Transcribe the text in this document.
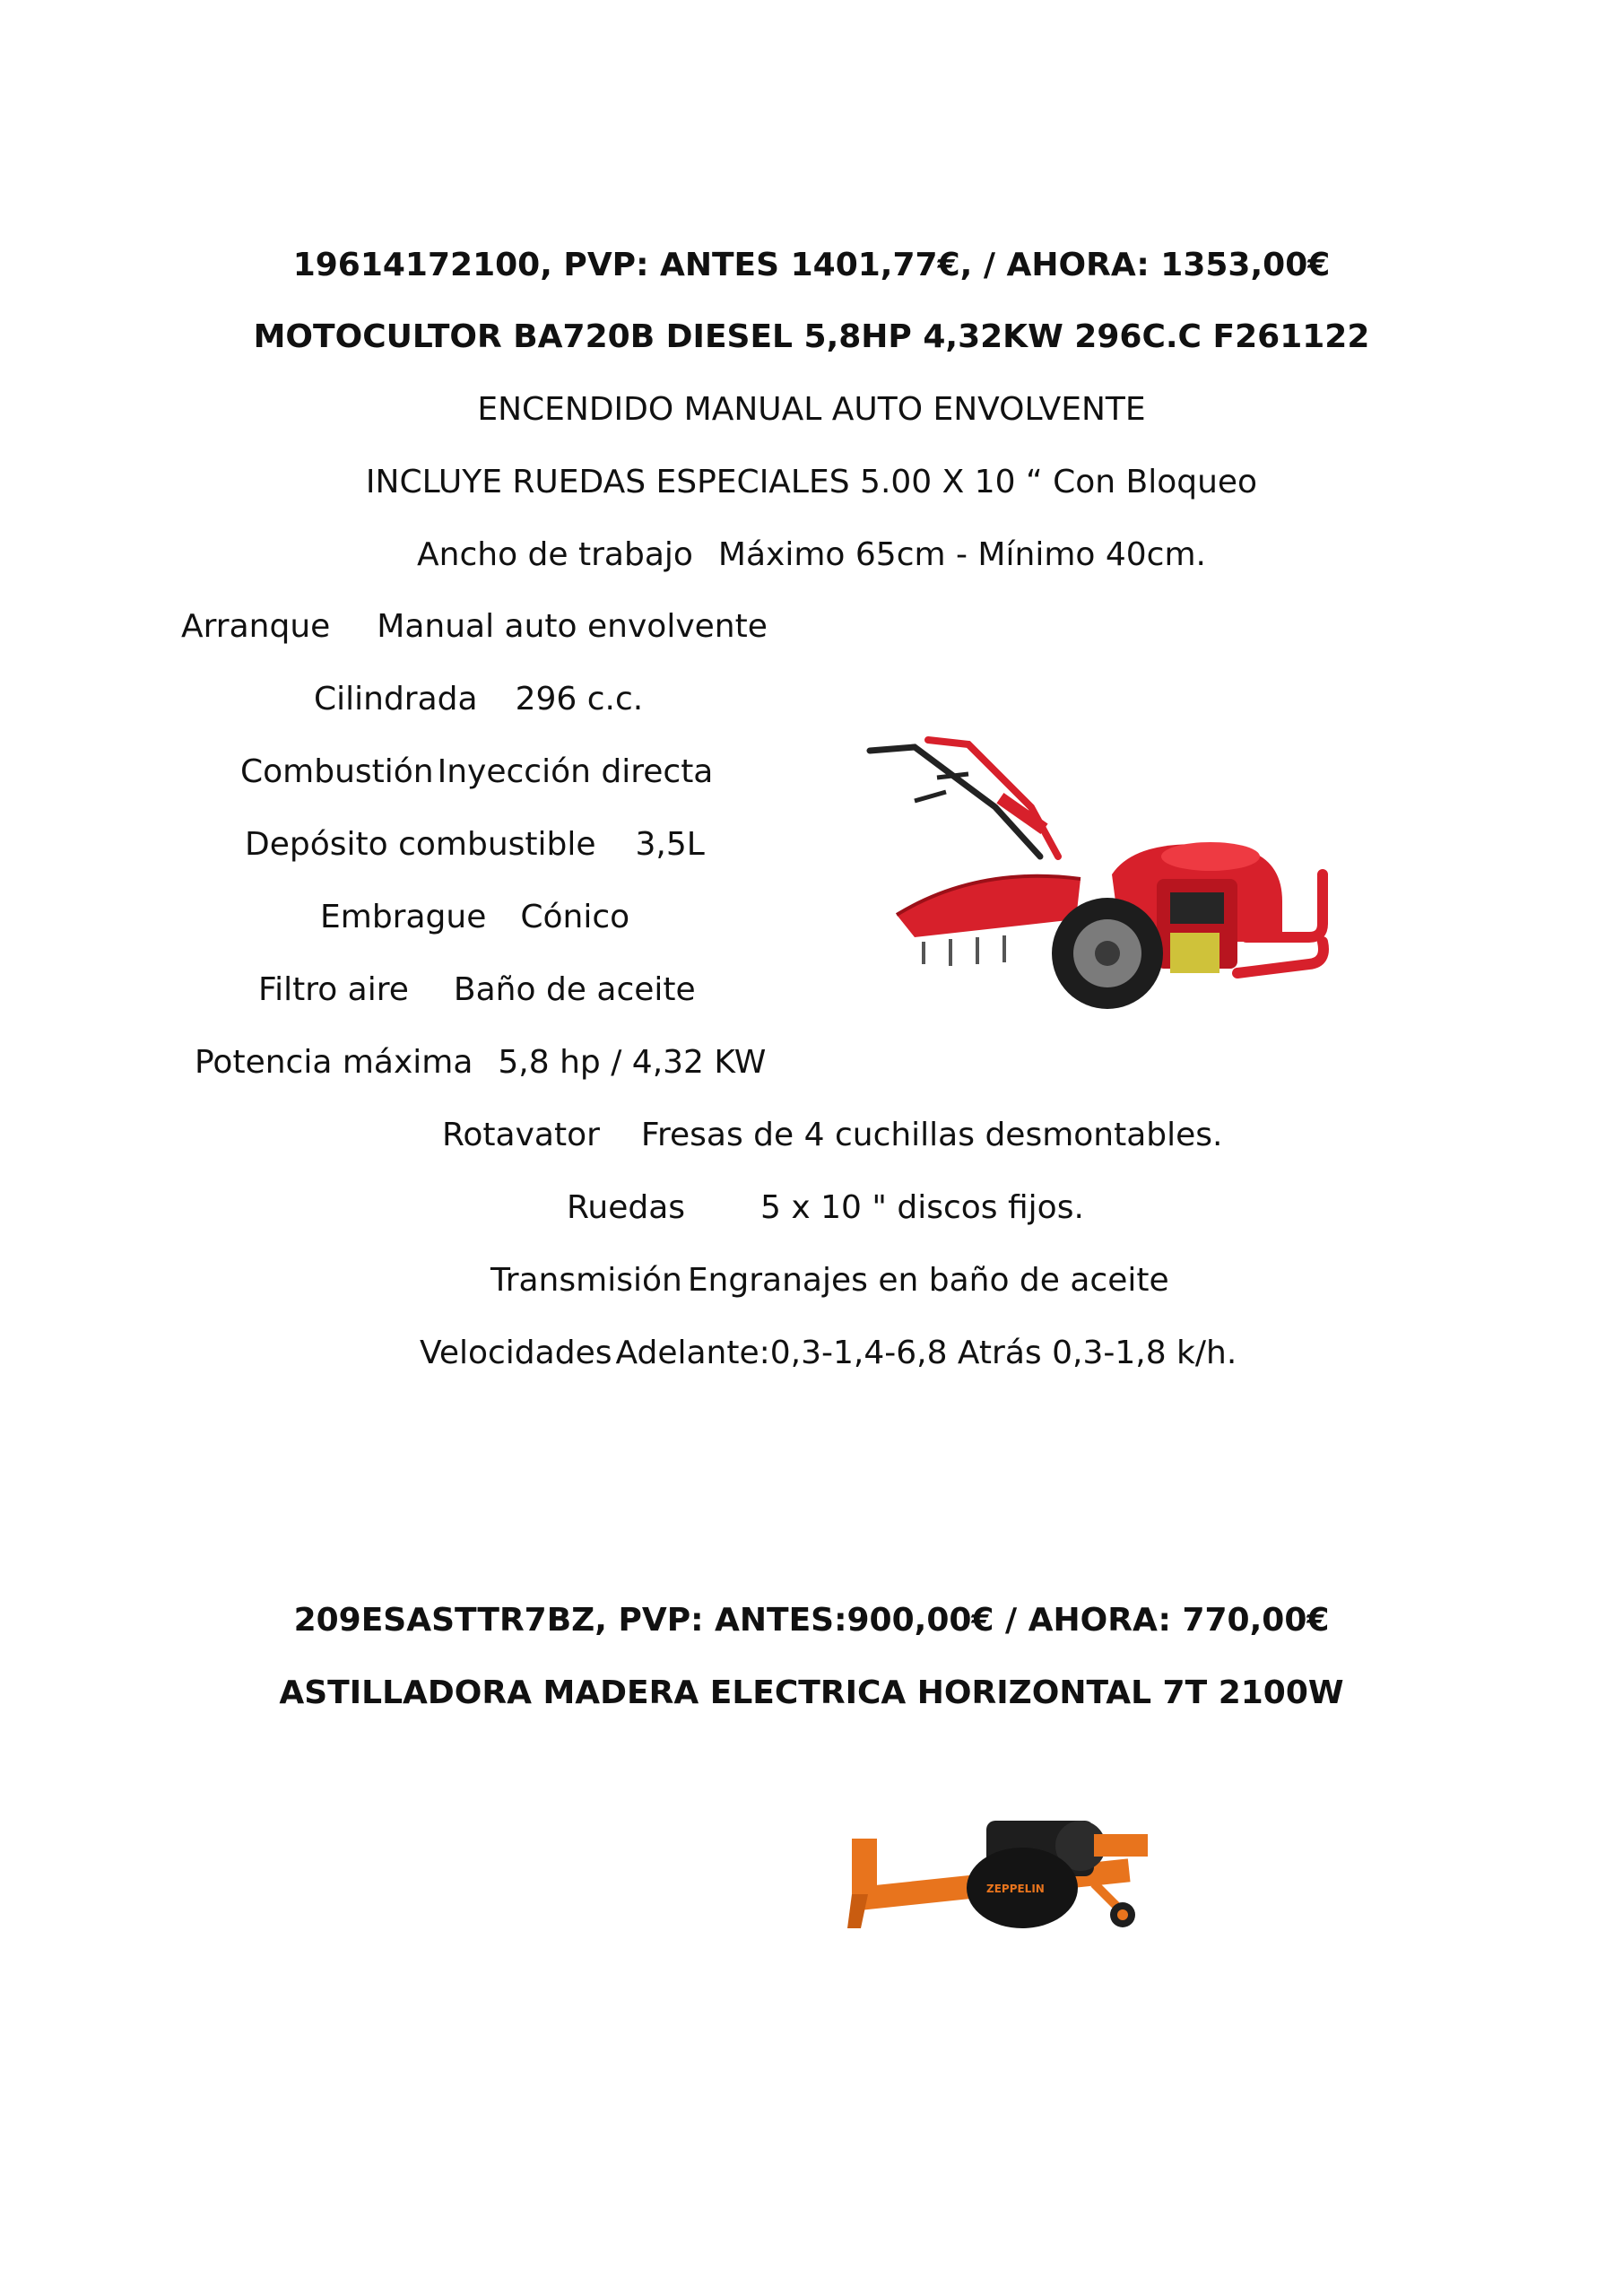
19614172100, PVP: ANTES 1401,77€, / AHORA: 1353,00€
MOTOCULTOR BA720B DIESEL 5,8HP 4,32KW 296C.C F261122
ENCENDIDO MANUAL AUTO ENVOLVENTE
INCLUYE RUEDAS ESPECIALES 5.00 X 10 “ Con Bloqueo
Ancho de trabajo Máximo 65cm - Mínimo 40cm.
Arranque Manual auto envolvente
Cilindrada 296 c.c.
Combustión Inyección directa
Depósito combustible 3,5L
Embrague Cónico
Filtro aire Baño de aceite
Potencia máxima 5,8 hp / 4,32 KW
Rotavator Fresas de 4 cuchillas desmontables.
Ruedas 5 x 10 " discos fijos.
Transmisión Engranajes en baño de aceite
Velocidades Adelante:0,3-1,4-6,8 Atrás 0,3-1,8 k/h.
209ESASTTR7BZ, PVP: ANTES:900,00€ / AHORA: 770,00€
ASTILLADORA MADERA ELECTRICA HORIZONTAL 7T 2100W
ZEPPELIN
